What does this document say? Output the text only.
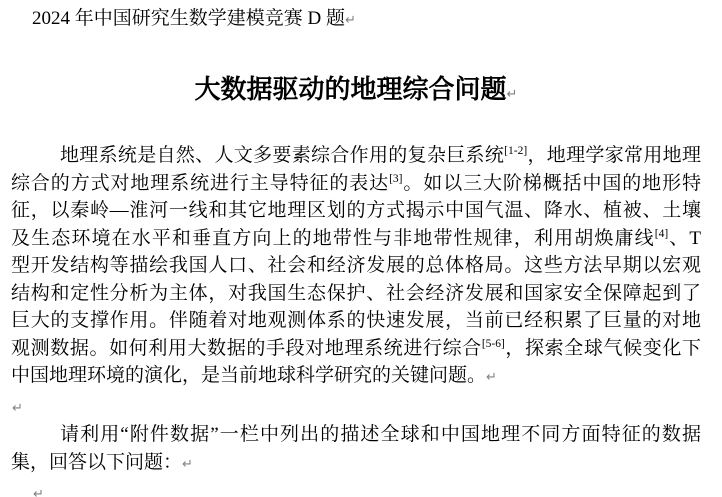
2024 年中国研究生数学建模竞赛 D 题↵
大数据驱动的地理综合问题↵
地理系统是自然、人文多要素综合作用的复杂巨系统[1-2]，地理学家常用地理
综合的方式对地理系统进行主导特征的表达[3]。如以三大阶梯概括中国的地形特
征，以秦岭—淮河一线和其它地理区划的方式揭示中国气温、降水、植被、土壤
及生态环境在水平和垂直方向上的地带性与非地带性规律，利用胡焕庸线[4]、T
型开发结构等描绘我国人口、社会和经济发展的总体格局。这些方法早期以宏观
结构和定性分析为主体，对我国生态保护、社会经济发展和国家安全保障起到了
巨大的支撑作用。伴随着对地观测体系的快速发展，当前已经积累了巨量的对地
观测数据。如何利用大数据的手段对地理系统进行综合[5-6]，探索全球气候变化下
中国地理环境的演化，是当前地球科学研究的关键问题。↵
↵
请利用“附件数据”一栏中列出的描述全球和中国地理不同方面特征的数据
集，回答以下问题：↵
↵
